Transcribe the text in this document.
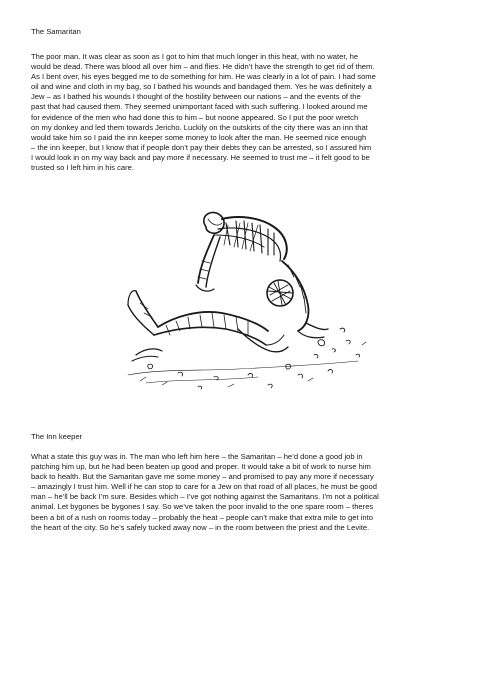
The Samaritan
The poor man. It was clear as soon as I got to him that much longer in this heat, with no water, he
would be dead. There was blood all over him – and flies. He didn’t have the strength to get rid of them.
As I bent over, his eyes begged me to do something for him. He was clearly in a lot of pain. I had some
oil and wine and cloth in my bag, so I bathed his wounds and bandaged them. Yes he was definitely a
Jew – as I bathed his wounds I thought of the hostility between our nations – and the events of the
past that had caused them. They seemed unimportant faced with such suffering. I looked around me
for evidence of the men who had done this to him – but noone appeared. So I put the poor wretch
on my donkey and led them towards Jericho. Luckily on the outskirts of the city there was an inn that
would take him so I paid the inn keeper some money to look after the man. He seemed nice enough
– the inn keeper, but I know that if people don’t pay their debts they can be arrested, so I assured him
I would look in on my way back and pay more if necessary. He seemed to trust me – it felt good to be
trusted so I left him in his care.
The Inn keeper
What a state this guy was in. The man who left him here – the Samaritan – he’d done a good job in
patching him up, but he had been beaten up good and proper. It would take a bit of work to nurse him
back to health. But the Samaritan gave me some money – and promised to pay any more if necessary
– amazingly I trust him. Well if he can stop to care for a Jew on that road of all places, he must be good
man – he’ll be back I’m sure. Besides which – I’ve got nothing against the Samaritans. I’m not a political
animal. Let bygones be bygones I say. So we’ve taken the poor invalid to the one spare room – theres
been a bit of a rush on rooms today – probably the heat – people can’t make that extra mile to get into
the heart of the city. So he’s safely tucked away now – in the room between the priest and the Levite.
